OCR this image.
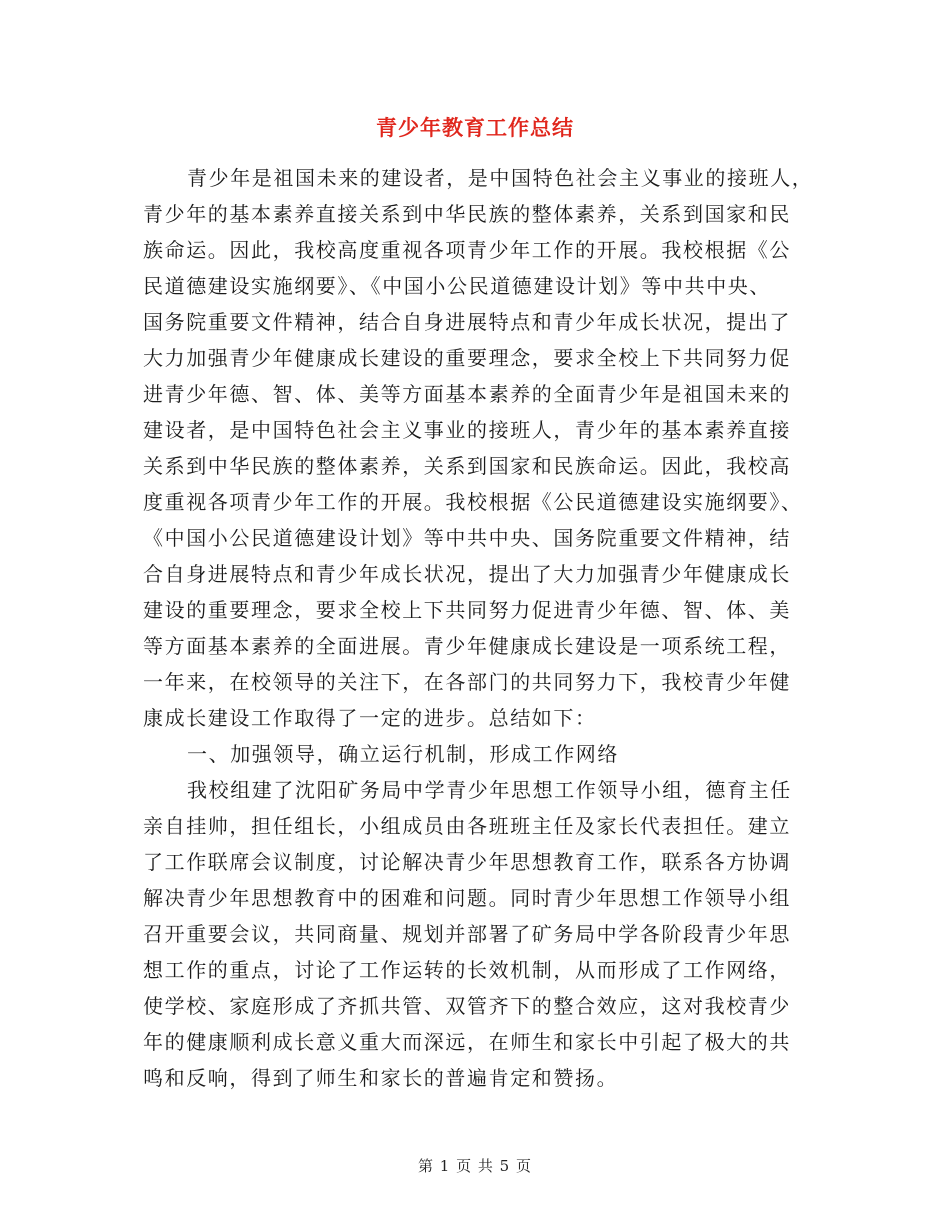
青少年教育工作总结
青少年是祖国未来的建设者，是中国特色社会主义事业的接班人，
青少年的基本素养直接关系到中华民族的整体素养，关系到国家和民
族命运。因此，我校高度重视各项青少年工作的开展。我校根据《公
民道德建设实施纲要》、《中国小公民道德建设计划》等中共中央、
国务院重要文件精神，结合自身进展特点和青少年成长状况，提出了
大力加强青少年健康成长建设的重要理念，要求全校上下共同努力促
进青少年德、智、体、美等方面基本素养的全面青少年是祖国未来的
建设者，是中国特色社会主义事业的接班人，青少年的基本素养直接
关系到中华民族的整体素养，关系到国家和民族命运。因此，我校高
度重视各项青少年工作的开展。我校根据《公民道德建设实施纲要》、
《中国小公民道德建设计划》等中共中央、国务院重要文件精神，结
合自身进展特点和青少年成长状况，提出了大力加强青少年健康成长
建设的重要理念，要求全校上下共同努力促进青少年德、智、体、美
等方面基本素养的全面进展。青少年健康成长建设是一项系统工程，
一年来，在校领导的关注下，在各部门的共同努力下，我校青少年健
康成长建设工作取得了一定的进步。总结如下：
一、加强领导，确立运行机制，形成工作网络
我校组建了沈阳矿务局中学青少年思想工作领导小组，德育主任
亲自挂帅，担任组长，小组成员由各班班主任及家长代表担任。建立
了工作联席会议制度，讨论解决青少年思想教育工作，联系各方协调
解决青少年思想教育中的困难和问题。同时青少年思想工作领导小组
召开重要会议，共同商量、规划并部署了矿务局中学各阶段青少年思
想工作的重点，讨论了工作运转的长效机制，从而形成了工作网络，
使学校、家庭形成了齐抓共管、双管齐下的整合效应，这对我校青少
年的健康顺利成长意义重大而深远，在师生和家长中引起了极大的共
鸣和反响，得到了师生和家长的普遍肯定和赞扬。
第 1 页 共 5 页
